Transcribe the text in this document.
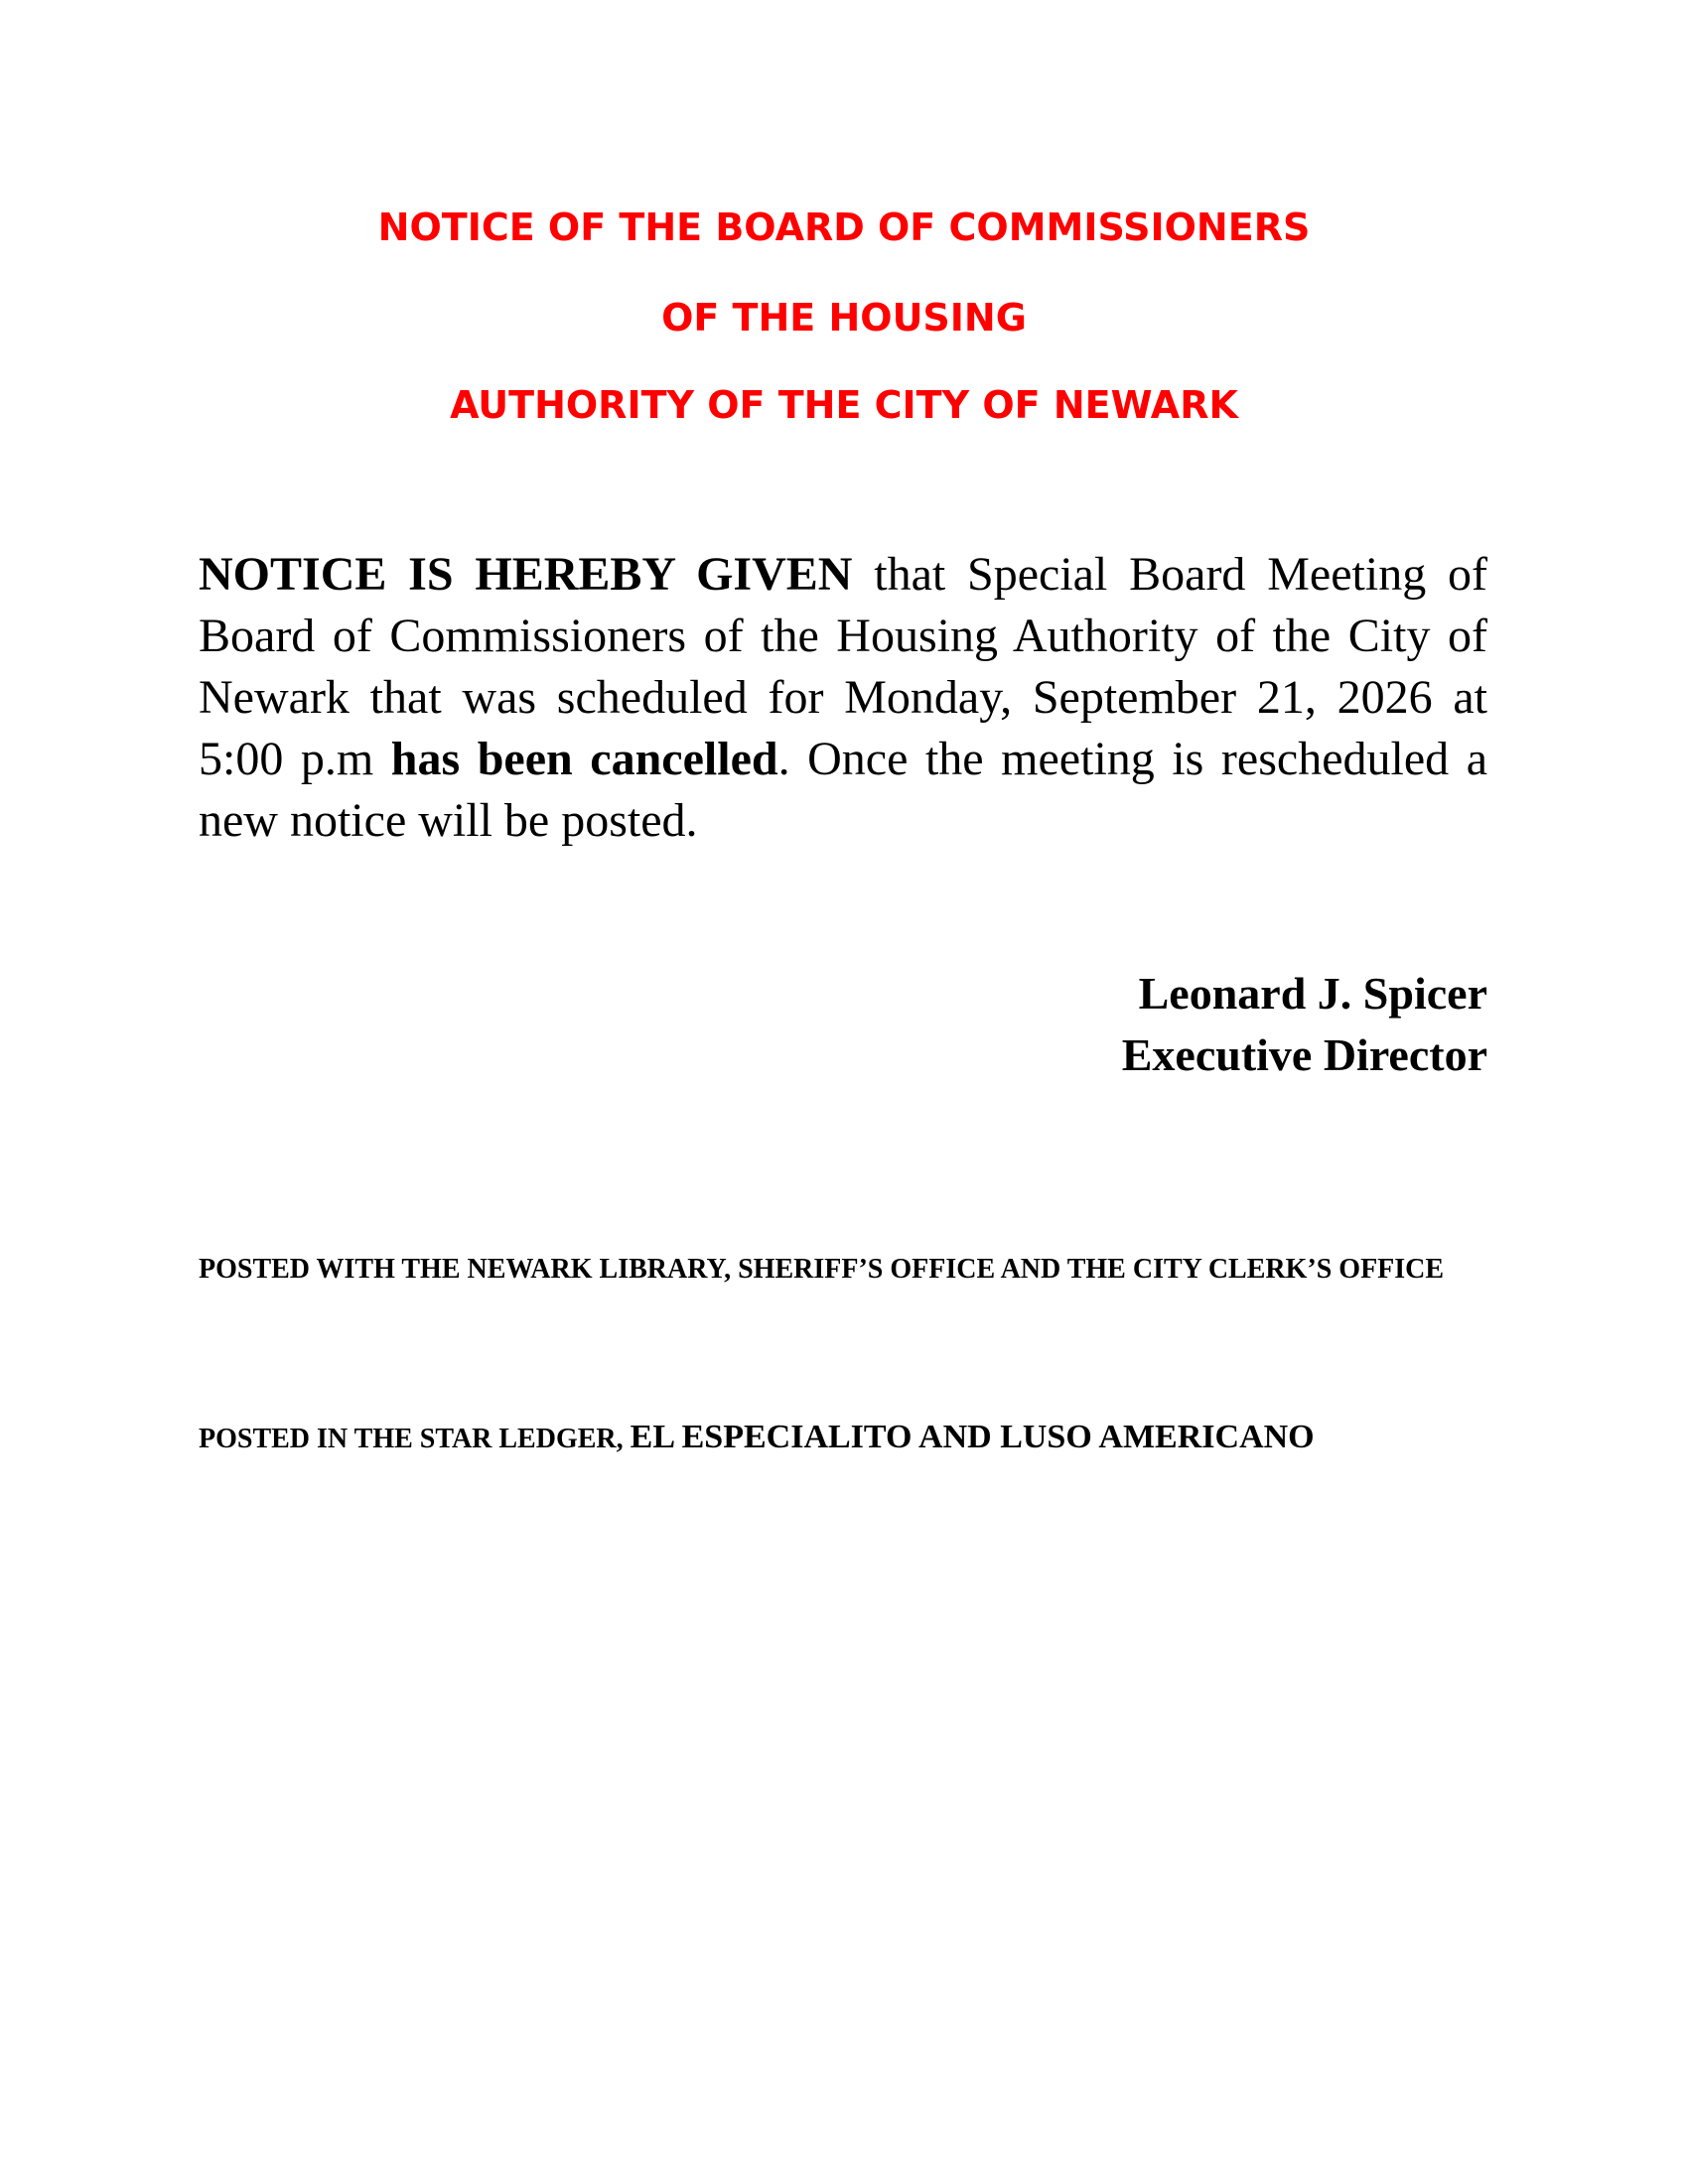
NOTICE OF THE BOARD OF COMMISSIONERS
OF THE HOUSING
AUTHORITY OF THE CITY OF NEWARK
NOTICE IS HEREBY GIVEN that Special Board Meeting of Board of Commissioners of the Housing Authority of the City of Newark that was scheduled for Monday, September 21, 2026 at 5:00 p.m has been cancelled. Once the meeting is rescheduled a new notice will be posted.
Leonard J. Spicer
Executive Director
POSTED WITH THE NEWARK LIBRARY, SHERIFF’S OFFICE AND THE CITY CLERK’S OFFICE
POSTED IN THE STAR LEDGER, EL ESPECIALITO AND LUSO AMERICANO
